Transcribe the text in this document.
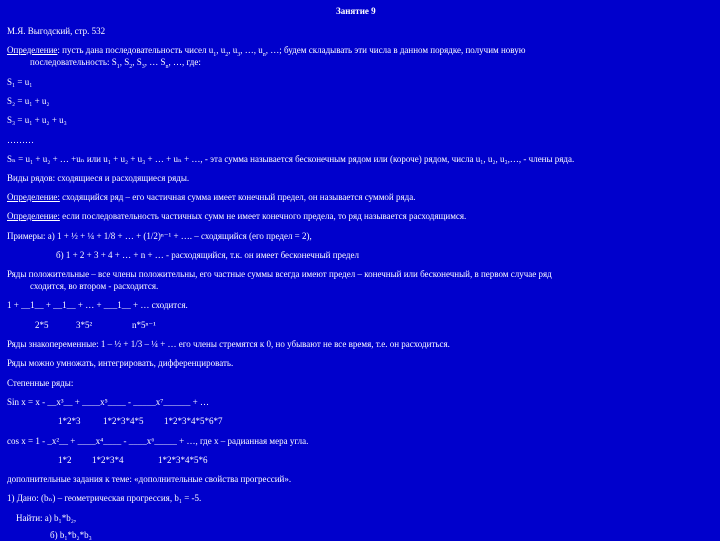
Занятие 9
М.Я. Выгодский, стр. 532
Определение: пусть дана последовательность чисел $u_1$, $u_2$, $u_3$, …, $u_n$, …; будем складывать эти числа в данном порядке, получим новую
последовательность: $S_1$, $S_2$, $S_3$, … $S_n$, …, где:
S₁ = u₁
S₂ = u₁ + u₂
S₃ = u₁ + u₂ + u₃
………
Sₙ = u₁ + u₂ + … +uₙ или u₁ + u₂ + u₃ + … + uₙ + …, - эта сумма называется бесконечным рядом или (короче) рядом, числа u₁, u₂, u₃,…, - члены ряда.
Виды рядов: сходящиеся и расходящиеся ряды.
Определение: сходящийся ряд – его частичная сумма имеет конечный предел, он называется суммой ряда.
Определение: если последовательность частичных сумм не имеет конечного предела, то ряд называется расходящимся.
Примеры: а) 1 + ½ + ¼ + 1/8 + … + (1/2)ⁿ⁻¹ + …. – сходящийся (его предел = 2),
б) 1 + 2 + 3 + 4 + … + n + … - расходящийся, т.к. он имеет бесконечный предел
Ряды положительные – все члены положительны, его частные суммы всегда имеют предел – конечный или бесконечный, в первом случае ряд
сходится, во втором - расходится.
1 + __1__ + __1__ + … + ___1__ + … сходится.
2*5	3*5²	n*5ⁿ⁻¹
Ряды знакопеременные: 1 – ½ + 1/3 – ¼ + … его члены стремятся к 0, но убывают не все время, т.е. он расходиться.
Ряды можно умножать, интегрировать, дифференцировать.
Степенные ряды:
Sin x = x - __x³__ + ____x⁵____ - _____x⁷______ + …
1*2*3	1*2*3*4*5 1*2*3*4*5*6*7
cos x = 1 - _x²__ + ____x⁴____ - ____x⁶_____ + …, где x – радианная мера угла.
1*2 1*2*3*4	1*2*3*4*5*6
дополнительные задания к теме: «дополнительные свойства прогрессий».
1) Дано: (bₙ) – геометрическая прогрессия, b₁ = -5.
Найти: а) b₁*b₂,
б) b₁*b₂*b₃
